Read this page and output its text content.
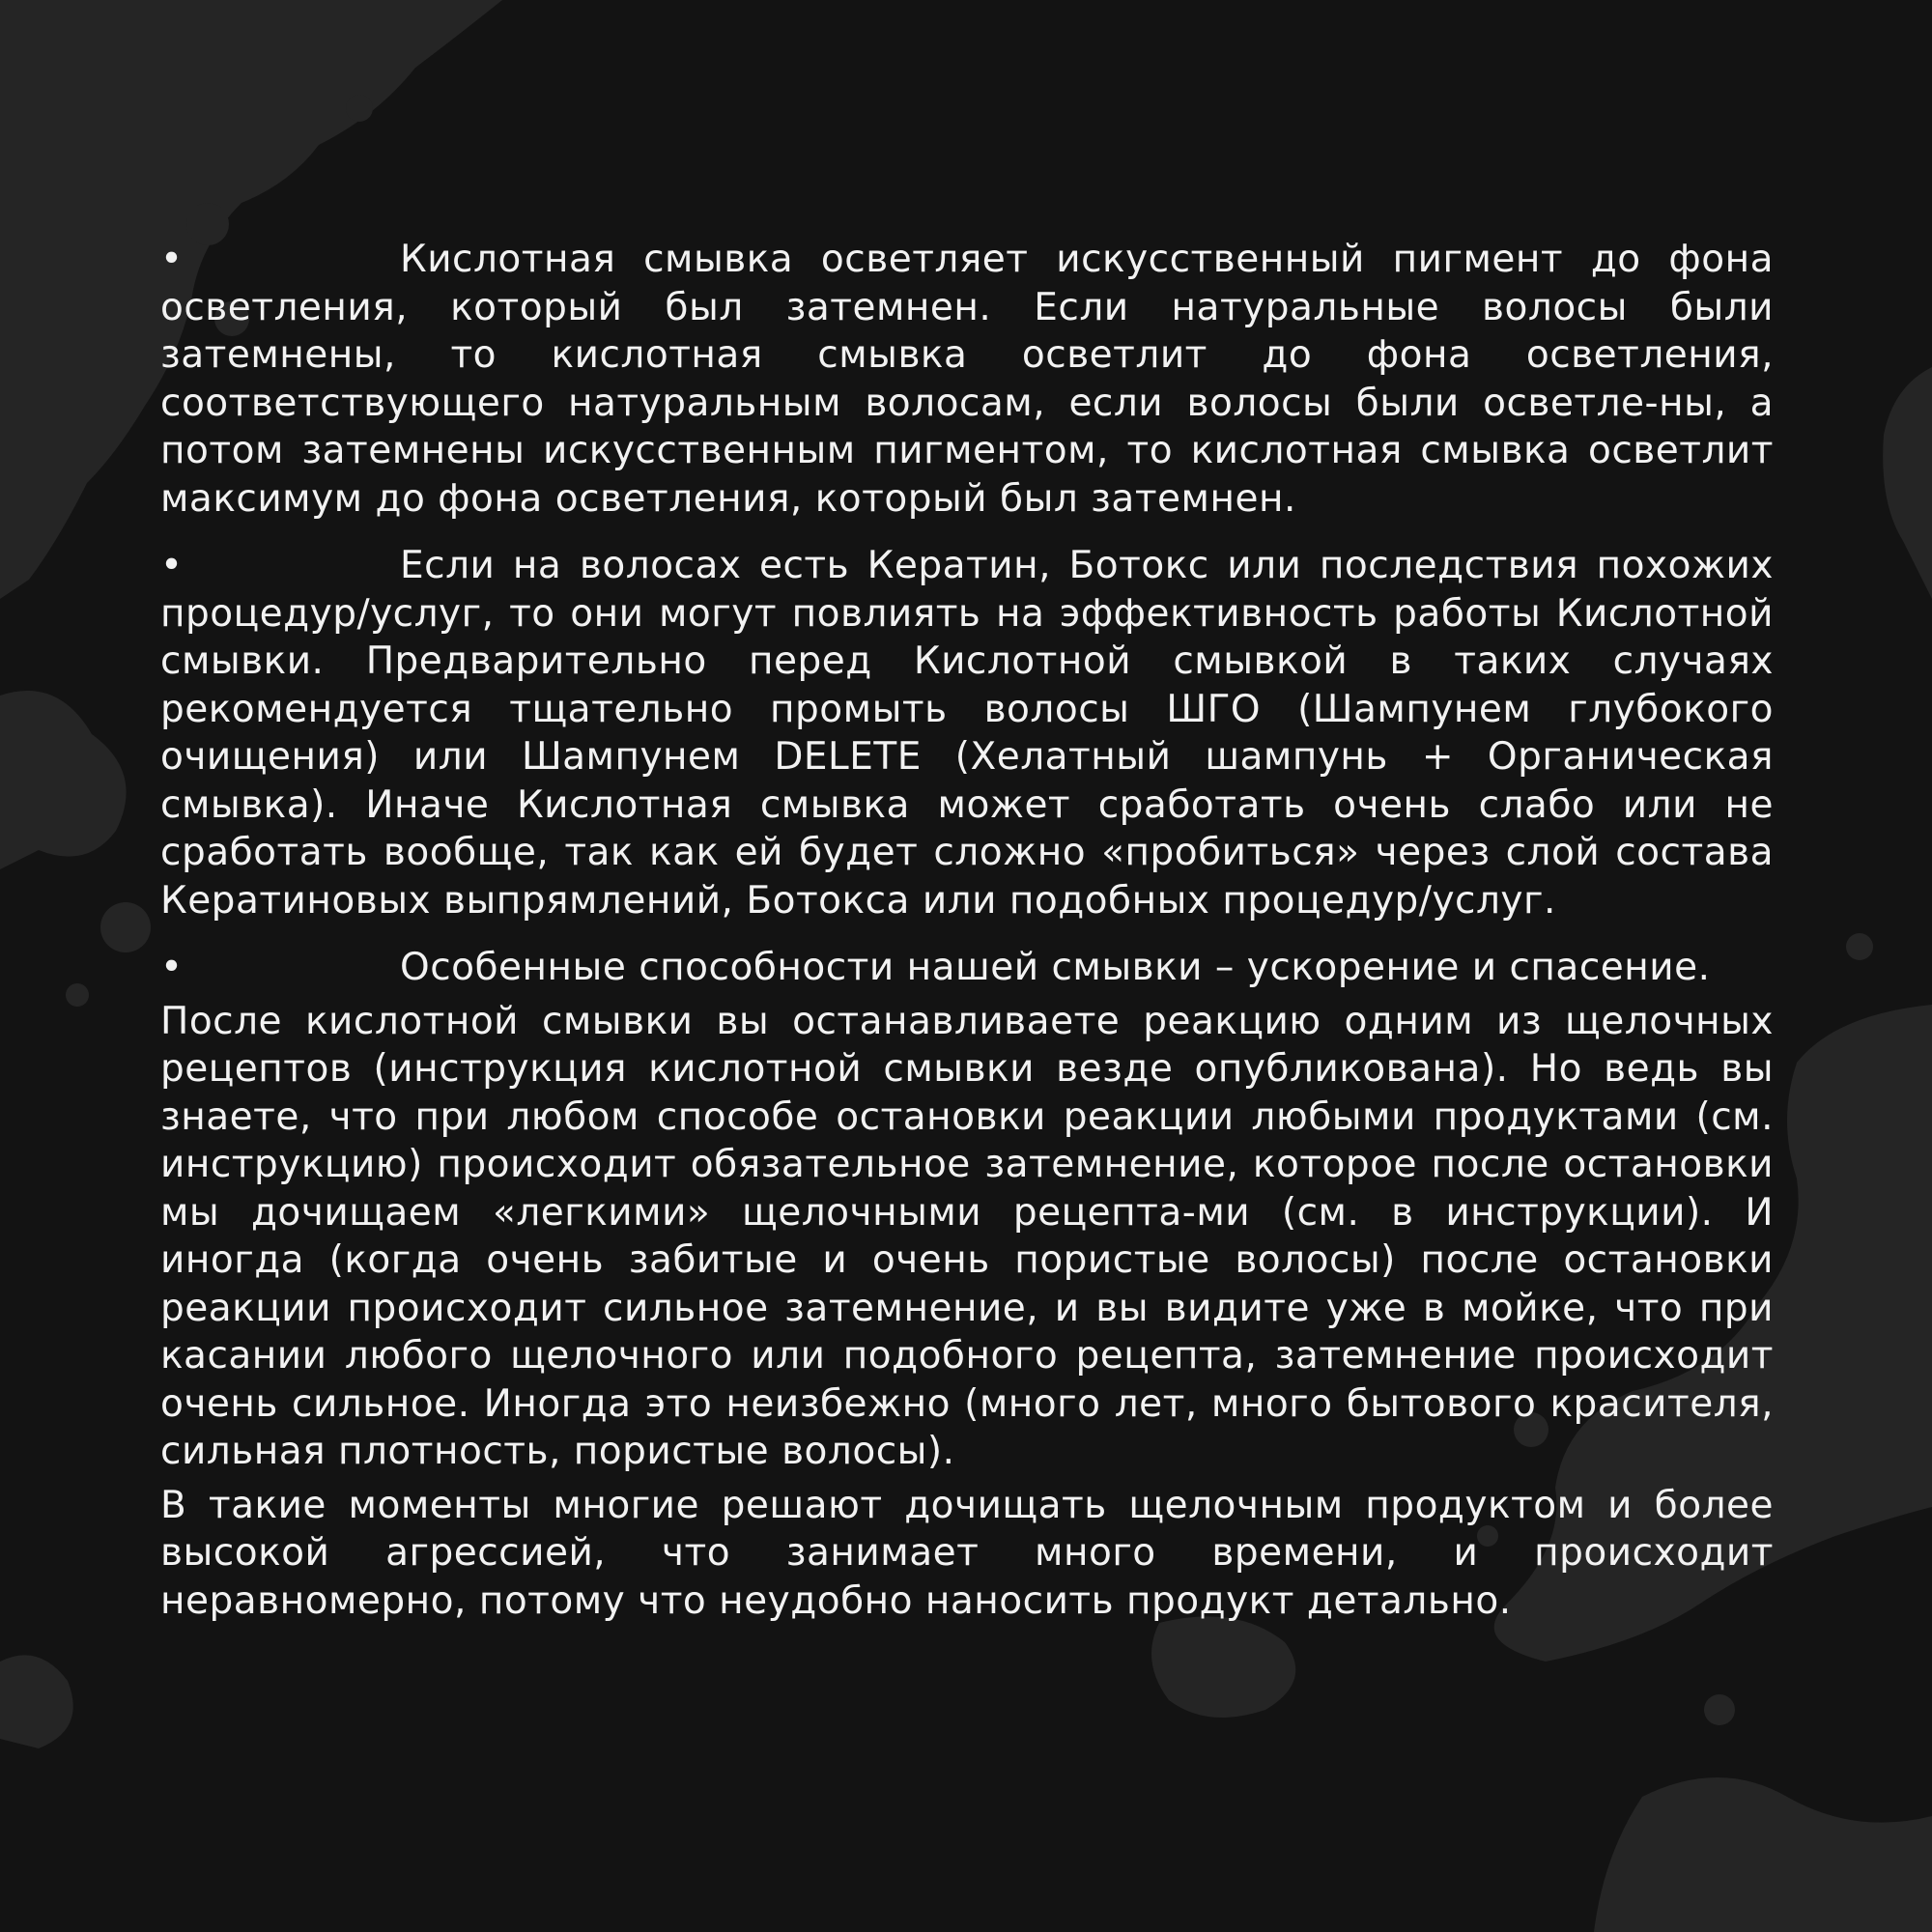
•	Кислотная смывка осветляет искусственный пигмент до фона осветления, который был затемнен. Если натуральные волосы были затемнены, то кислотная смывка осветлит до фона осветления, соответствующего натуральным волосам, если волосы были осветле-ны, а потом затемнены искусственным пигментом, то кислотная смывка осветлит максимум до фона осветления, который был затемнен.

•	Если на волосах есть Кератин, Ботокс или последствия похожих процедур/услуг, то они могут повлиять на эффективность работы Кислотной смывки. Предварительно перед Кислотной смывкой в таких случаях рекомендуется тщательно промыть волосы ШГО (Шампунем глубокого очищения) или Шампунем DELETE (Хелатный шампунь + Органическая смывка). Иначе Кислотная смывка может сработать очень слабо или не сработать вообще, так как ей будет сложно «пробиться» через слой состава Кератиновых выпрямлений, Ботокса или подобных процедур/услуг.

•	Особенные способности нашей смывки – ускорение и спасение.

После кислотной смывки вы останавливаете реакцию одним из щелочных рецептов (инструкция кислотной смывки везде опубликована). Но ведь вы знаете, что при любом способе остановки реакции любыми продуктами (см. инструкцию) происходит обязательное затемнение, которое после остановки мы дочищаем «легкими» щелочными рецепта-ми (см. в инструкции). И иногда (когда очень забитые и очень пористые волосы) после остановки реакции происходит сильное затемнение, и вы видите уже в мойке, что при касании любого щелочного или подобного рецепта, затемнение происходит очень сильное. Иногда это неизбежно (много лет, много бытового красителя, сильная плотность, пористые волосы).

В такие моменты многие решают дочищать щелочным продуктом и более высокой агрессией, что занимает много времени, и происходит неравномерно, потому что неудобно наносить продукт детально.
